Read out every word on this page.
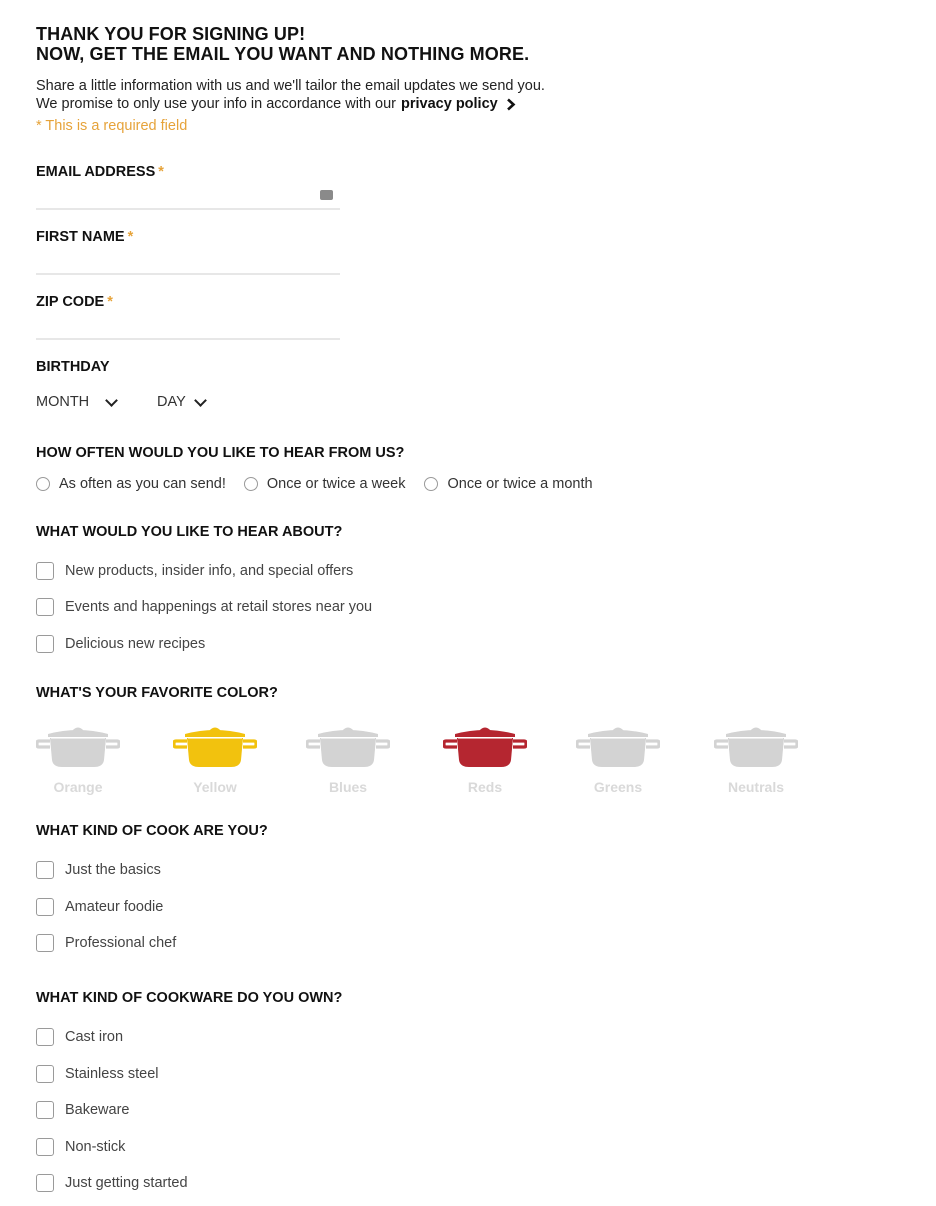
THANK YOU FOR SIGNING UP!
NOW, GET THE EMAIL YOU WANT AND NOTHING MORE.
Share a little information with us and we'll tailor the email updates we send you.
We promise to only use your info in accordance with our privacy policy
* This is a required field
EMAIL ADDRESS *
FIRST NAME *
ZIP CODE *
BIRTHDAY
MONTH	DAY
HOW OFTEN WOULD YOU LIKE TO HEAR FROM US?
As often as you can send!	Once or twice a week	Once or twice a month
WHAT WOULD YOU LIKE TO HEAR ABOUT?
New products, insider info, and special offers
Events and happenings at retail stores near you
Delicious new recipes
WHAT'S YOUR FAVORITE COLOR?
Orange	Yellow	Blues	Reds	Greens	Neutrals
WHAT KIND OF COOK ARE YOU?
Just the basics
Amateur foodie
Professional chef
WHAT KIND OF COOKWARE DO YOU OWN?
Cast iron
Stainless steel
Bakeware
Non-stick
Just getting started
